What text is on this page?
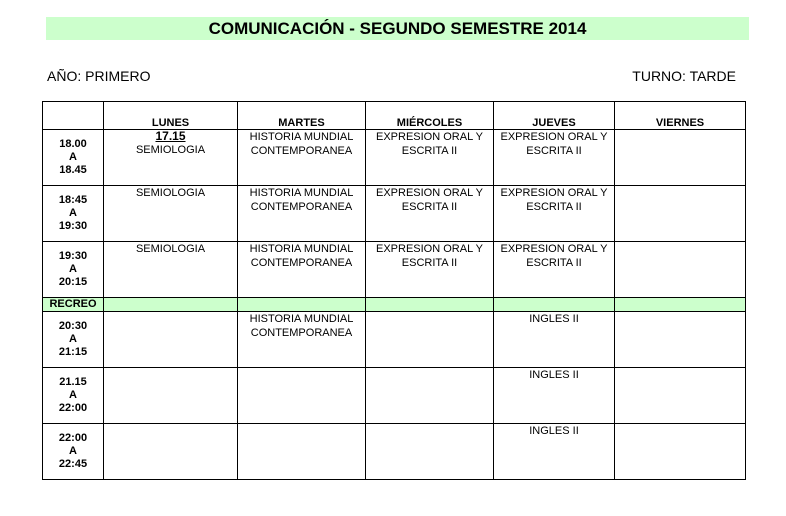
COMUNICACIÓN - SEGUNDO SEMESTRE 2014
AÑO: PRIMERO	TURNO: TARDE
	LUNES	MARTES	MIÉRCOLES	JUEVES	VIERNES
18.00
A
18.45	17.15
SEMIOLOGIA	HISTORIA MUNDIAL CONTEMPORANEA	EXPRESION ORAL Y ESCRITA II	EXPRESION ORAL Y ESCRITA II	
18:45
A
19:30	SEMIOLOGIA	HISTORIA MUNDIAL CONTEMPORANEA	EXPRESION ORAL Y ESCRITA II	EXPRESION ORAL Y ESCRITA II	
19:30
A
20:15	SEMIOLOGIA	HISTORIA MUNDIAL CONTEMPORANEA	EXPRESION ORAL Y ESCRITA II	EXPRESION ORAL Y ESCRITA II	
RECREO					
20:30
A
21:15		HISTORIA MUNDIAL CONTEMPORANEA		INGLES II	
21.15
A
22:00				INGLES II	
22:00
A
22:45				INGLES II	
